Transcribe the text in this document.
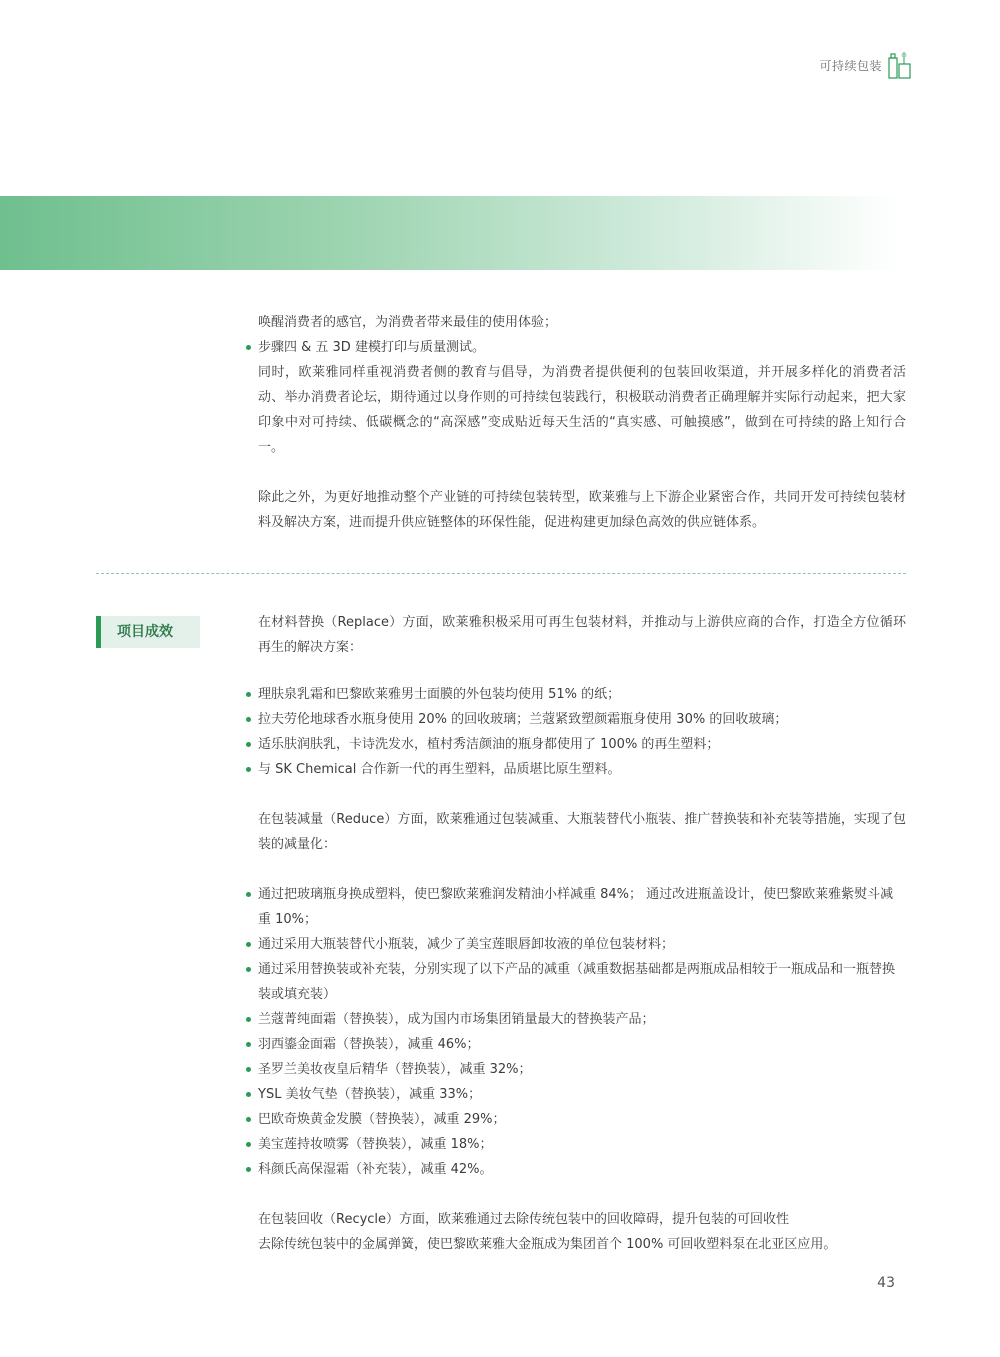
可持续包装

唤醒消费者的感官，为消费者带来最佳的使用体验；

步骤四 & 五 3D 建模打印与质量测试。

同时，欧莱雅同样重视消费者侧的教育与倡导，为消费者提供便利的包装回收渠道，并开展多样化的消费者活动、举办消费者论坛，期待通过以身作则的可持续包装践行，积极联动消费者正确理解并实际行动起来，把大家印象中对可持续、低碳概念的“高深感”变成贴近每天生活的“真实感、可触摸感”，做到在可持续的路上知行合一。

除此之外，为更好地推动整个产业链的可持续包装转型，欧莱雅与上下游企业紧密合作，共同开发可持续包装材料及解决方案，进而提升供应链整体的环保性能，促进构建更加绿色高效的供应链体系。

项目成效

在材料替换（Replace）方面，欧莱雅积极采用可再生包装材料，并推动与上游供应商的合作，打造全方位循环再生的解决方案：

理肤泉乳霜和巴黎欧莱雅男士面膜的外包装均使用 51% 的纸；
拉夫劳伦地球香水瓶身使用 20% 的回收玻璃；兰蔻紧致塑颜霜瓶身使用 30% 的回收玻璃；
适乐肤润肤乳，卡诗洗发水，植村秀洁颜油的瓶身都使用了 100% 的再生塑料；
与 SK Chemical 合作新一代的再生塑料，品质堪比原生塑料。

在包装减量（Reduce）方面，欧莱雅通过包装减重、大瓶装替代小瓶装、推广替换装和补充装等措施，实现了包装的减量化：

通过把玻璃瓶身换成塑料，使巴黎欧莱雅润发精油小样减重 84%； 通过改进瓶盖设计，使巴黎欧莱雅紫熨斗减重 10%；
通过采用大瓶装替代小瓶装，减少了美宝莲眼唇卸妆液的单位包装材料；
通过采用替换装或补充装，分别实现了以下产品的减重（减重数据基础都是两瓶成品相较于一瓶成品和一瓶替换装或填充装）
兰蔻菁纯面霜（替换装），成为国内市场集团销量最大的替换装产品；
羽西鎏金面霜（替换装），减重 46%；
圣罗兰美妆夜皇后精华（替换装），减重 32%；
YSL 美妆气垫（替换装），减重 33%；
巴欧奇焕黄金发膜（替换装），减重 29%；
美宝莲持妆喷雾（替换装），减重 18%；
科颜氏高保湿霜（补充装），减重 42%。

在包装回收（Recycle）方面，欧莱雅通过去除传统包装中的回收障碍，提升包装的可回收性

去除传统包装中的金属弹簧，使巴黎欧莱雅大金瓶成为集团首个 100% 可回收塑料泵在北亚区应用。

43
